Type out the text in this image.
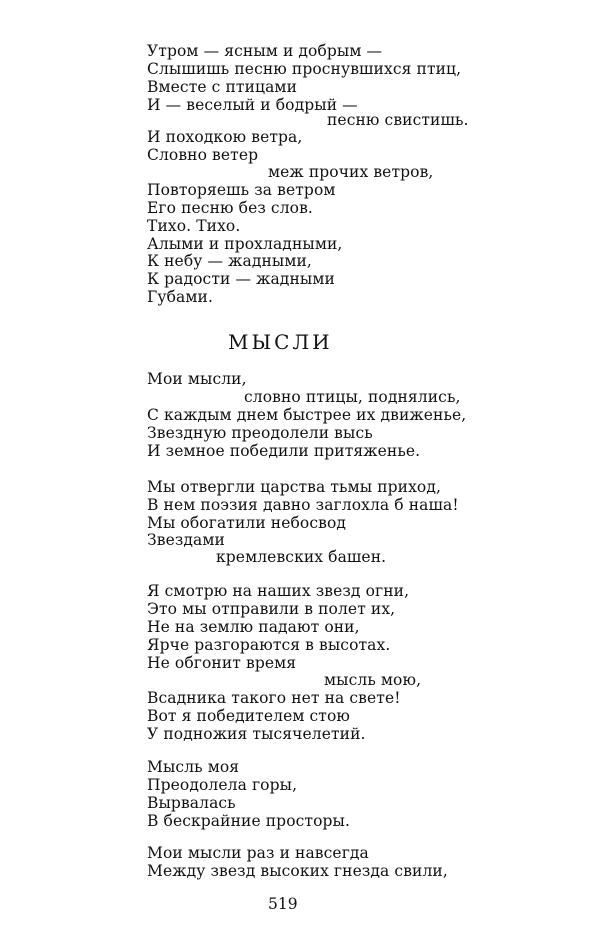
Утром — ясным и добрым —
Слышишь песню проснувшихся птиц,
Вместе с птицами
И — веселый и бодрый —
песню свистишь.
И походкою ветра,
Словно ветер
меж прочих ветров,
Повторяешь за ветром
Его песню без слов.
Тихо. Тихо.
Алыми и прохладными,
К небу — жадными,
К радости — жадными
Губами.
МЫСЛИ
Мои мысли,
словно птицы, поднялись,
С каждым днем быстрее их движенье,
Звездную преодолели высь
И земное победили притяженье.
Мы отвергли царства тьмы приход,
В нем поэзия давно заглохла б наша!
Мы обогатили небосвод
Звездами
кремлевских башен.
Я смотрю на наших звезд огни,
Это мы отправили в полет их,
Не на землю падают они,
Ярче разгораются в высотах.
Не обгонит время
мысль мою,
Всадника такого нет на свете!
Вот я победителем стою
У подножия тысячелетий.
Мысль моя
Преодолела горы,
Вырвалась
В бескрайние просторы.
Мои мысли раз и навсегда
Между звезд высоких гнезда свили,
519
